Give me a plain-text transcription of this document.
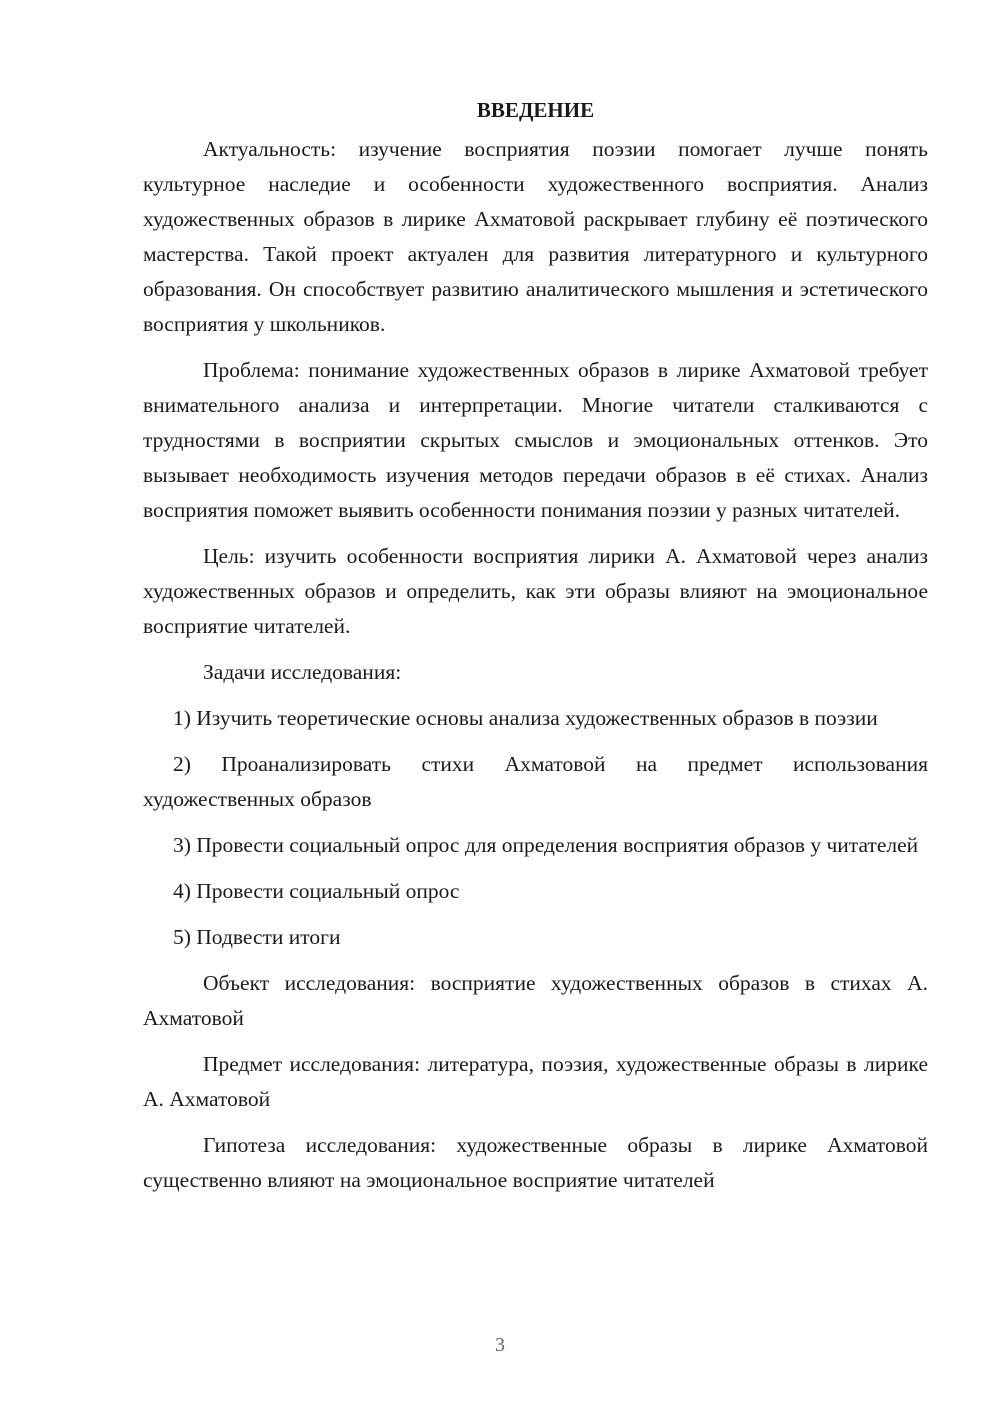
ВВЕДЕНИЕ

Актуальность: изучение восприятия поэзии помогает лучше понять культурное наследие и особенности художественного восприятия. Анализ художественных образов в лирике Ахматовой раскрывает глубину её поэтического мастерства. Такой проект актуален для развития литературного и культурного образования. Он способствует развитию аналитического мышления и эстетического восприятия у школьников.

Проблема: понимание художественных образов в лирике Ахматовой требует внимательного анализа и интерпретации. Многие читатели сталкиваются с трудностями в восприятии скрытых смыслов и эмоциональных оттенков. Это вызывает необходимость изучения методов передачи образов в её стихах. Анализ восприятия поможет выявить особенности понимания поэзии у разных читателей.

Цель: изучить особенности восприятия лирики А. Ахматовой через анализ художественных образов и определить, как эти образы влияют на эмоциональное восприятие читателей.

Задачи исследования:

1) Изучить теоретические основы анализа художественных образов в поэзии

2) Проанализировать стихи Ахматовой на предмет использования художественных образов

3) Провести социальный опрос для определения восприятия образов у читателей

4) Провести социальный опрос

5) Подвести итоги

Объект исследования: восприятие художественных образов в стихах А. Ахматовой

Предмет исследования: литература, поэзия, художественные образы в лирике А. Ахматовой

Гипотеза исследования: художественные образы в лирике Ахматовой существенно влияют на эмоциональное восприятие читателей

3
